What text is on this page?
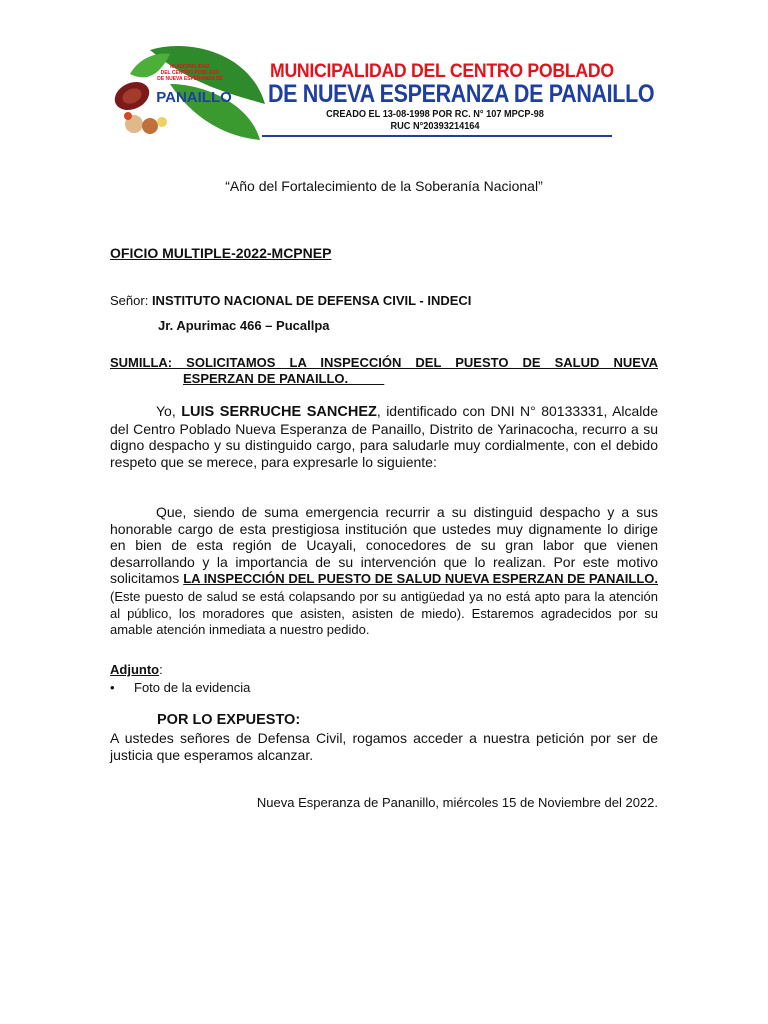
MUNICIPALIDAD
DEL CENTRO POBLADO
DE NUEVA ESPERANZA DE
PANAILLO
MUNICIPALIDAD DEL CENTRO POBLADO
DE NUEVA ESPERANZA DE PANAILLO
CREADO EL 13-08-1998 POR RC. N° 107 MPCP-98
RUC N°20393214164
“Año del Fortalecimiento de la Soberanía Nacional”
OFICIO MULTIPLE-2022-MCPNEP
Señor: INSTITUTO NACIONAL DE DEFENSA CIVIL - INDECI
Jr. Apurimac 466 – Pucallpa
SUMILLA: SOLICITAMOS LA INSPECCIÓN DEL PUESTO DE SALUD NUEVA
ESPERZAN DE PANAILLO.
Yo, LUIS SERRUCHE SANCHEZ, identificado con DNI N° 80133331, Alcalde del Centro Poblado Nueva Esperanza de Panaillo, Distrito de Yarinacocha, recurro a su digno despacho y su distinguido cargo, para saludarle muy cordialmente, con el debido respeto que se merece, para expresarle lo siguiente:
Que, siendo de suma emergencia recurrir a su distinguid despacho y a sus honorable cargo de esta prestigiosa institución que ustedes muy dignamente lo dirige en bien de esta región de Ucayali, conocedores de su gran labor que vienen desarrollando y la importancia de su intervención que lo realizan. Por este motivo solicitamos LA INSPECCIÓN DEL PUESTO DE SALUD NUEVA ESPERZAN DE PANAILLO. (Este puesto de salud se está colapsando por su antigüedad ya no está apto para la atención al público, los moradores que asisten, asisten de miedo). Estaremos agradecidos por su amable atención inmediata a nuestro pedido.
Adjunto:
• Foto de la evidencia
POR LO EXPUESTO:
A ustedes señores de Defensa Civil, rogamos acceder a nuestra petición por ser de justicia que esperamos alcanzar.
Nueva Esperanza de Pananillo, miércoles 15 de Noviembre del 2022.
